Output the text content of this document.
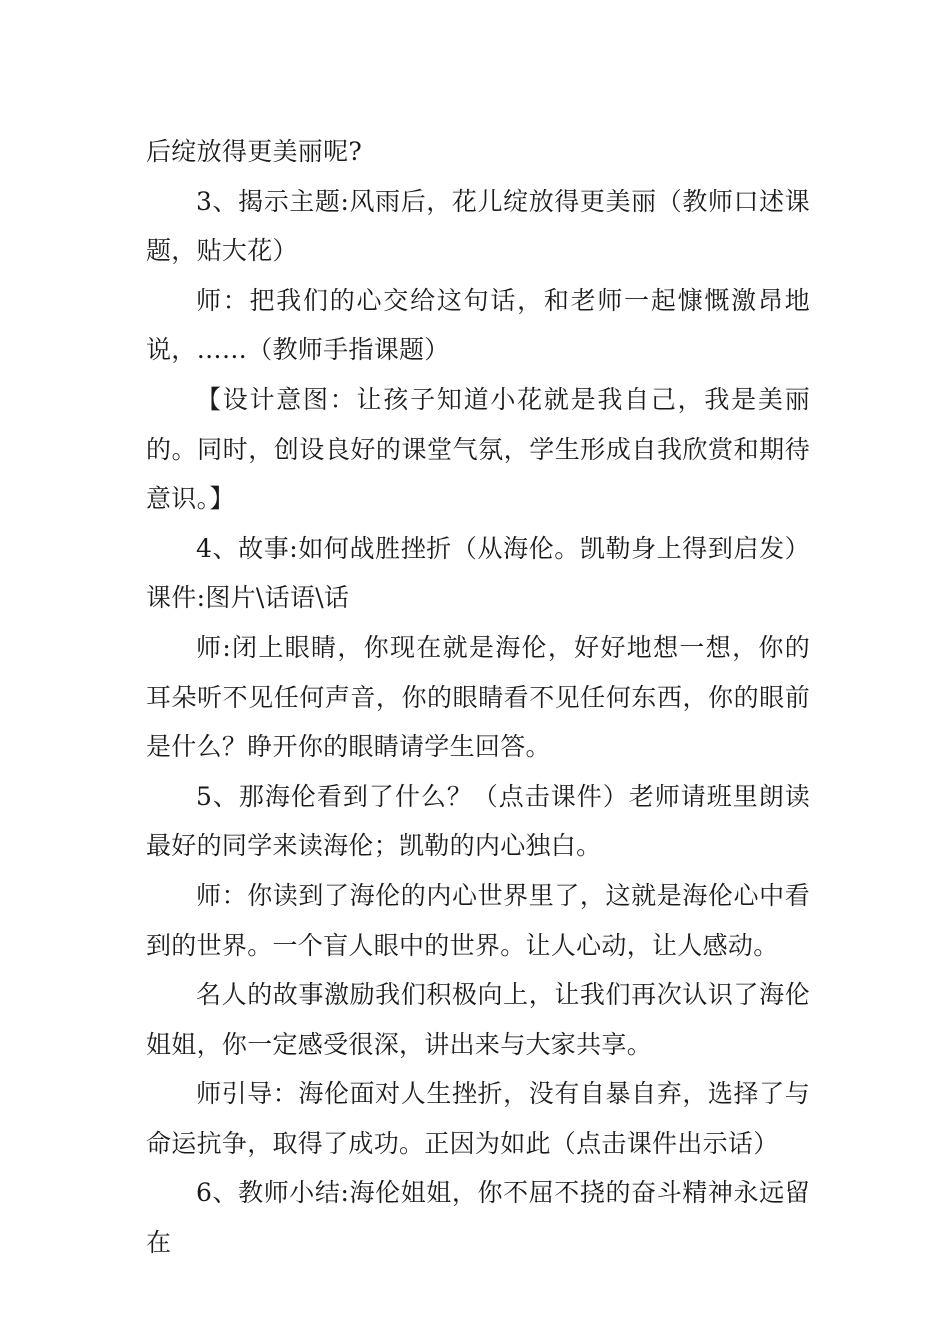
后绽放得更美丽呢?

3、揭示主题:风雨后，花儿绽放得更美丽（教师口述课题，贴大花）

师：把我们的心交给这句话，和老师一起慷慨激昂地说，……（教师手指课题）

【设计意图：让孩子知道小花就是我自己，我是美丽的。同时，创设良好的课堂气氛，学生形成自我欣赏和期待意识。】

4、故事:如何战胜挫折（从海伦。凯勒身上得到启发）课件:图片\话语\话

师:闭上眼睛，你现在就是海伦，好好地想一想，你的耳朵听不见任何声音，你的眼睛看不见任何东西，你的眼前是什么？睁开你的眼睛请学生回答。

5、那海伦看到了什么？（点击课件）老师请班里朗读最好的同学来读海伦；凯勒的内心独白。

师：你读到了海伦的内心世界里了，这就是海伦心中看到的世界。一个盲人眼中的世界。让人心动，让人感动。

名人的故事激励我们积极向上，让我们再次认识了海伦姐姐，你一定感受很深，讲出来与大家共享。

师引导：海伦面对人生挫折，没有自暴自弃，选择了与命运抗争，取得了成功。正因为如此（点击课件出示话）

6、教师小结:海伦姐姐，你不屈不挠的奋斗精神永远留在
